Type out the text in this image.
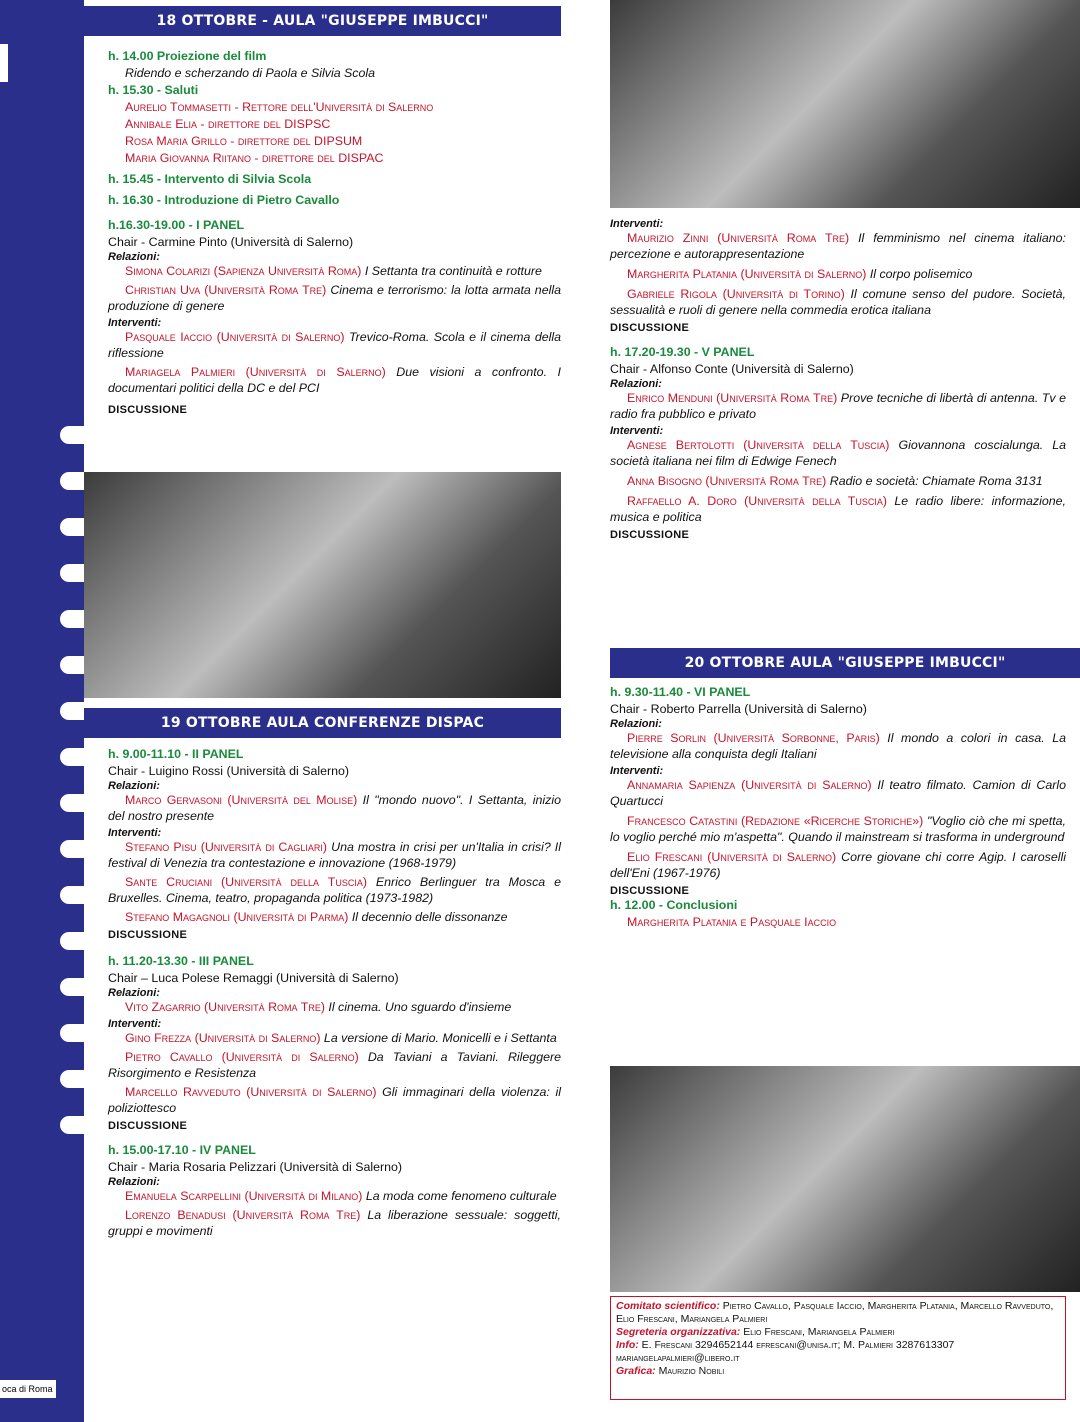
oca di Roma
18 OTTOBRE - AULA "GIUSEPPE IMBUCCI"
h. 14.00 Proiezione del film
Ridendo e scherzando di Paola e Silvia Scola
h. 15.30 - Saluti
Aurelio Tommasetti - Rettore dell'Università di Salerno
Annibale Elia - direttore del DISPSC
Rosa Maria Grillo - direttore del DIPSUM
Maria Giovanna Riitano - direttore del DISPAC
h. 15.45 - Intervento di Silvia Scola
h. 16.30 - Introduzione di Pietro Cavallo
h.16.30-19.00 - I PANEL
Chair - Carmine Pinto (Università di Salerno)
Relazioni:

Simona Colarizi (Sapienza Università Roma) I Settanta tra continuità e rotture

Christian Uva (Università Roma Tre) Cinema e terrorismo: la lotta armata nella produzione di genere

Interventi:

Pasquale Iaccio (Università di Salerno) Trevico-Roma. Scola e il cinema della riflessione

Mariagela Palmieri (Università di Salerno) Due visioni a confronto. I documentari politici della DC e del PCI

DISCUSSIONE
19 OTTOBRE AULA CONFERENZE DISPAC
h. 9.00-11.10 - II PANEL
Chair - Luigino Rossi (Università di Salerno)
Relazioni:

Marco Gervasoni (Università del Molise) Il "mondo nuovo". I Settanta, inizio del nostro presente

Interventi:

Stefano Pisu (Università di Cagliari) Una mostra in crisi per un'Italia in crisi? Il festival di Venezia tra contestazione e innovazione (1968-1979)

Sante Cruciani (Università della Tuscia) Enrico Berlinguer tra Mosca e Bruxelles. Cinema, teatro, propaganda politica (1973-1982)

Stefano Magagnoli (Università di Parma) Il decennio delle dissonanze

DISCUSSIONE
h. 11.20-13.30 - III PANEL
Chair – Luca Polese Remaggi (Università di Salerno)
Relazioni:

Vito Zagarrio (Università Roma Tre) Il cinema. Uno sguardo d'insieme

Interventi:

Gino Frezza (Università di Salerno) La versione di Mario. Monicelli e i Settanta

Pietro Cavallo (Università di Salerno) Da Taviani a Taviani. Rileggere Risorgimento e Resistenza

Marcello Ravveduto (Università di Salerno) Gli immaginari della violenza: il poliziottesco

DISCUSSIONE
h. 15.00-17.10 - IV PANEL
Chair - Maria Rosaria Pelizzari (Università di Salerno)
Relazioni:

Emanuela Scarpellini (Università di Milano) La moda come fenomeno culturale

Lorenzo Benadusi (Università Roma Tre) La liberazione sessuale: soggetti, gruppi e movimenti

Interventi:

Maurizio Zinni (Università Roma Tre) Il femminismo nel cinema italiano: percezione e autorappresentazione

Margherita Platania (Università di Salerno) Il corpo polisemico

Gabriele Rigola (Università di Torino) Il comune senso del pudore. Società, sessualità e ruoli di genere nella commedia erotica italiana

DISCUSSIONE
h. 17.20-19.30 - V PANEL
Chair - Alfonso Conte (Università di Salerno)
Relazioni:

Enrico Menduni (Università Roma Tre) Prove tecniche di libertà di antenna. Tv e radio fra pubblico e privato

Interventi:

Agnese Bertolotti (Università della Tuscia) Giovannona coscialunga. La società italiana nei film di Edwige Fenech

Anna Bisogno (Università Roma Tre) Radio e società: Chiamate Roma 3131

Raffaello A. Doro (Università della Tuscia) Le radio libere: informazione, musica e politica

DISCUSSIONE
20 OTTOBRE AULA "GIUSEPPE IMBUCCI"
h. 9.30-11.40 - VI PANEL
Chair - Roberto Parrella (Università di Salerno)
Relazioni:

Pierre Sorlin (Università Sorbonne, Paris) Il mondo a colori in casa. La televisione alla conquista degli Italiani

Interventi:

Annamaria Sapienza (Università di Salerno) Il teatro filmato. Camion di Carlo Quartucci

Francesco Catastini (Redazione «Ricerche Storiche») "Voglio ciò che mi spetta, lo voglio perché mio m'aspetta". Quando il mainstream si trasforma in underground

Elio Frescani (Università di Salerno) Corre giovane chi corre Agip. I caroselli dell'Eni (1967-1976)

DISCUSSIONE
h. 12.00 - Conclusioni
Margherita Platania e Pasquale Iaccio
Comitato scientifico: Pietro Cavallo, Pasquale Iaccio, Margherita Platania, Marcello Ravveduto, Elio Frescani, Mariangela Palmieri
Segreteria organizzativa: Elio Frescani, Mariangela Palmieri
Info: E. Frescani 3294652144 efrescani@unisa.it; M. Palmieri 3287613307 mariangelapalmieri@libero.it
Grafica: Maurizio Nobili
